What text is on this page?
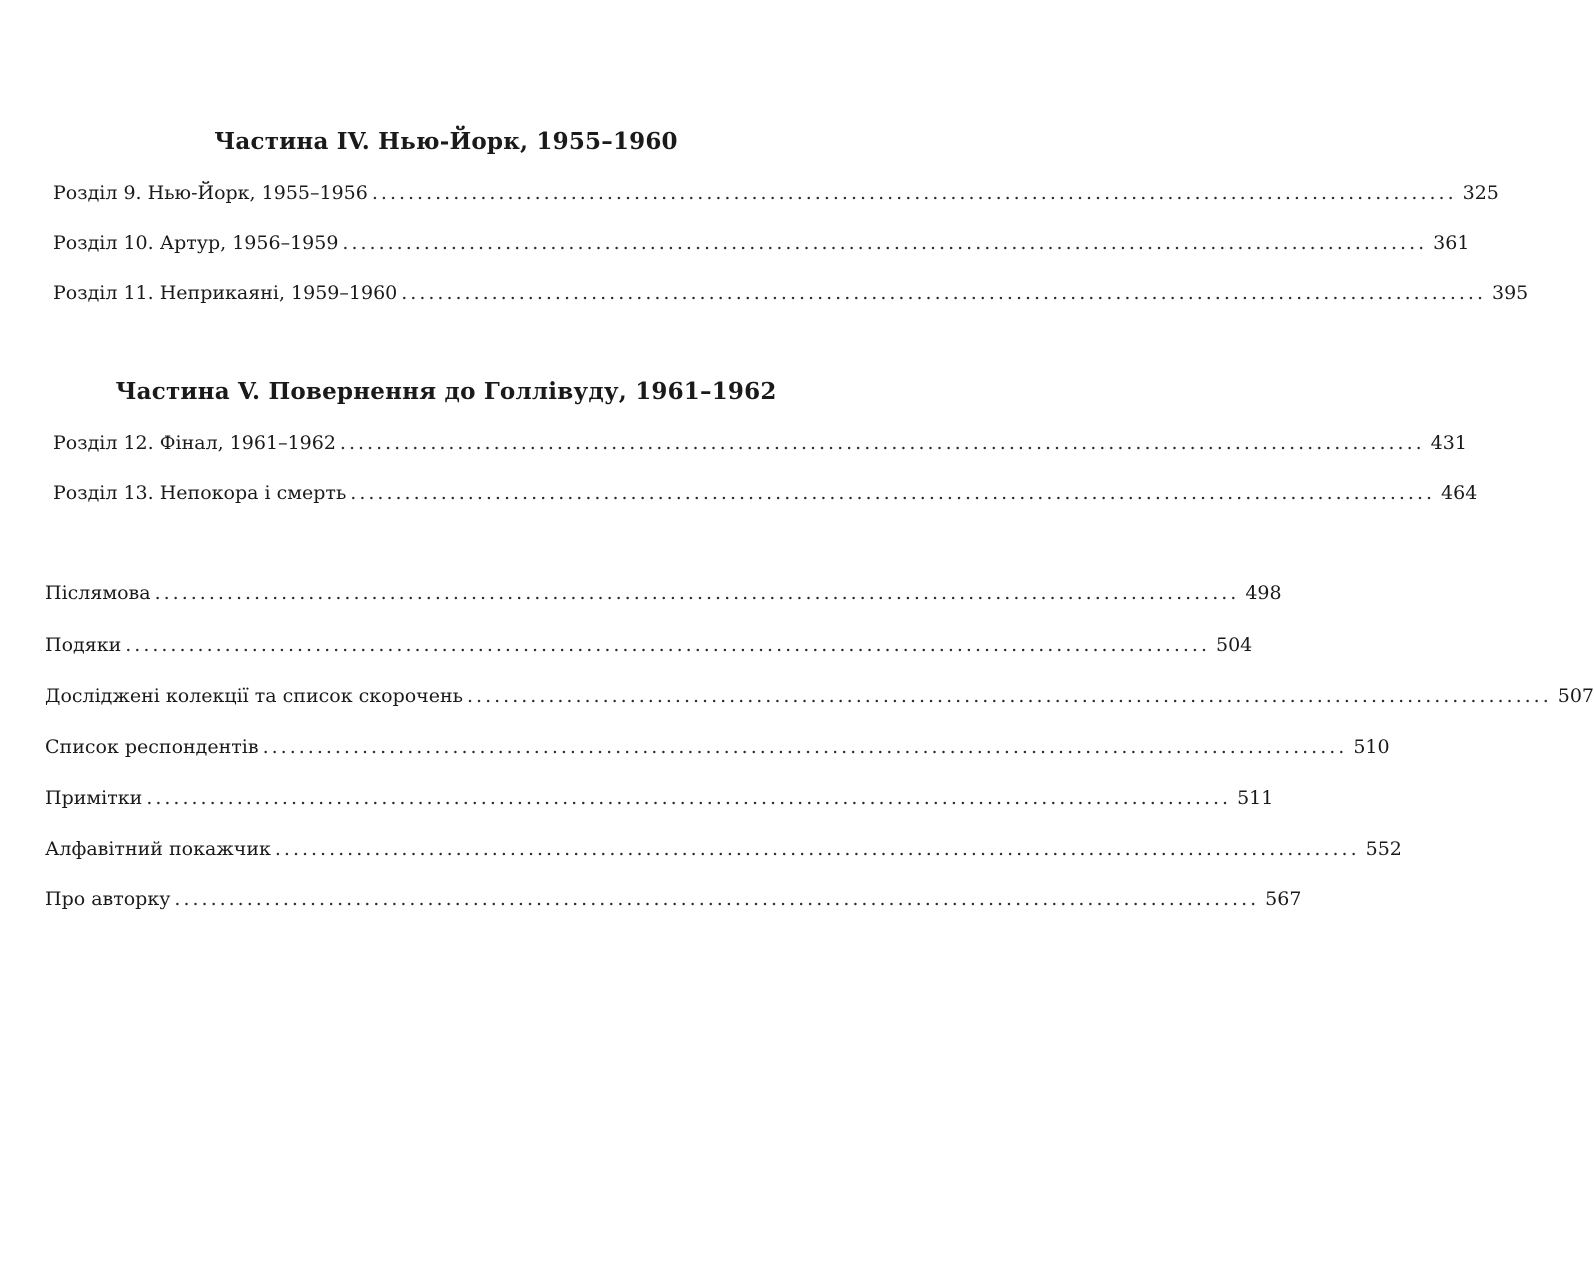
Частина IV. Нью-Йорк, 1955–1960
Розділ 9. Нью-Йорк, 1955–1956 ........................................................................................................................ 325
Розділ 10. Артур, 1956–1959 ........................................................................................................................ 361
Розділ 11. Неприкаяні, 1959–1960 ........................................................................................................................ 395
Частина V. Повернення до Голлівуду, 1961–1962
Розділ 12. Фінал, 1961–1962 ........................................................................................................................ 431
Розділ 13. Непокора і смерть ........................................................................................................................ 464
Післямова ........................................................................................................................ 498
Подяки ........................................................................................................................ 504
Досліджені колекції та список скорочень ........................................................................................................................ 507
Список респондентів ........................................................................................................................ 510
Примітки ........................................................................................................................ 511
Алфавітний покажчик ........................................................................................................................ 552
Про авторку ........................................................................................................................ 567
